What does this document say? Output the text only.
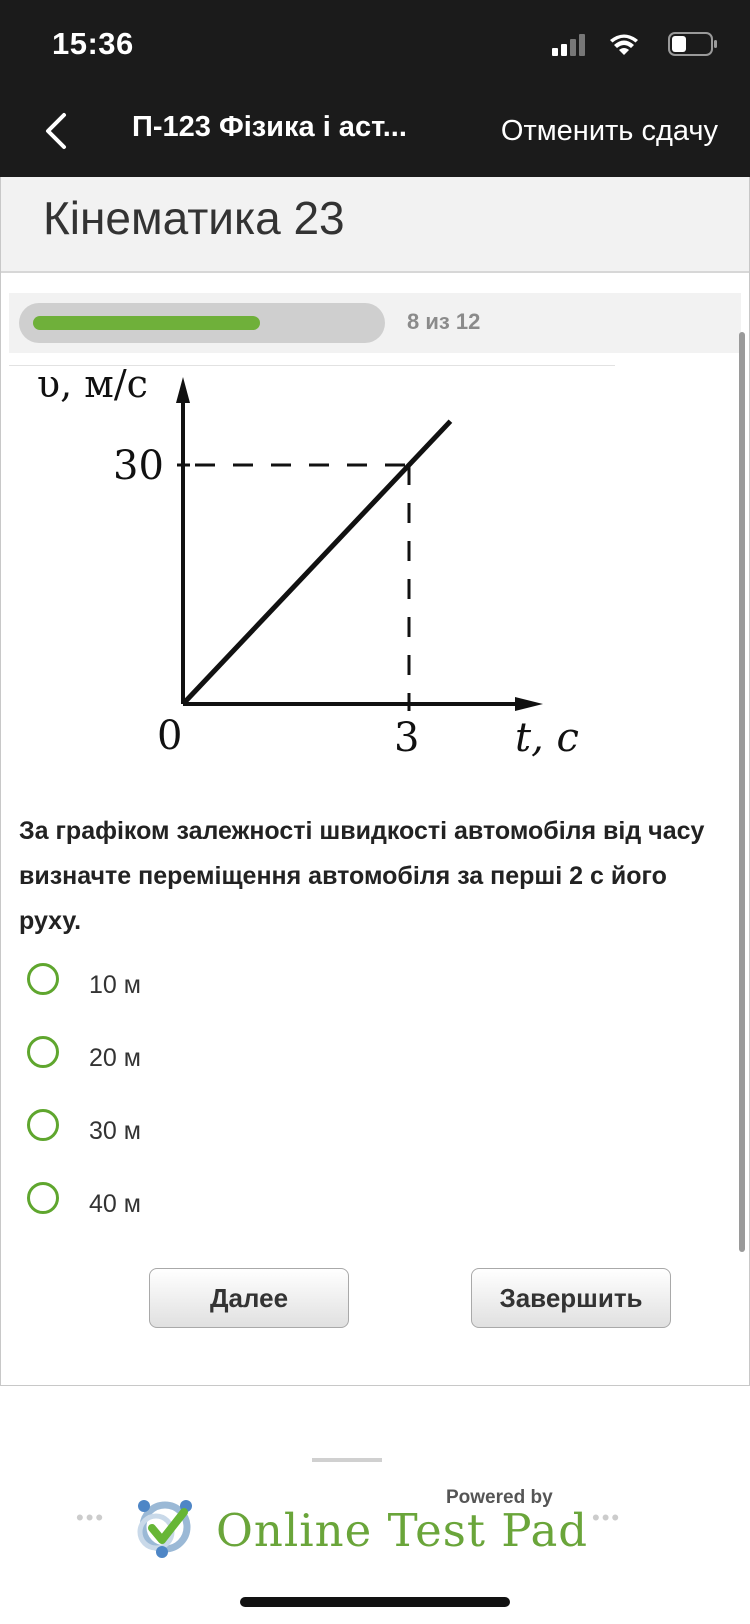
15:36
П-123 Фізика і аст...	Отменить сдачу
Кінематика 23
8 из 12
υ, м/с
30
0	3 t, с
За графіком залежності швидкості автомобіля від часу визначте переміщення автомобіля за перші 2 с його руху.
10 м
20 м
30 м
40 м
Далее	Завершить
•••	•••
Powered by
Online Test Pad
